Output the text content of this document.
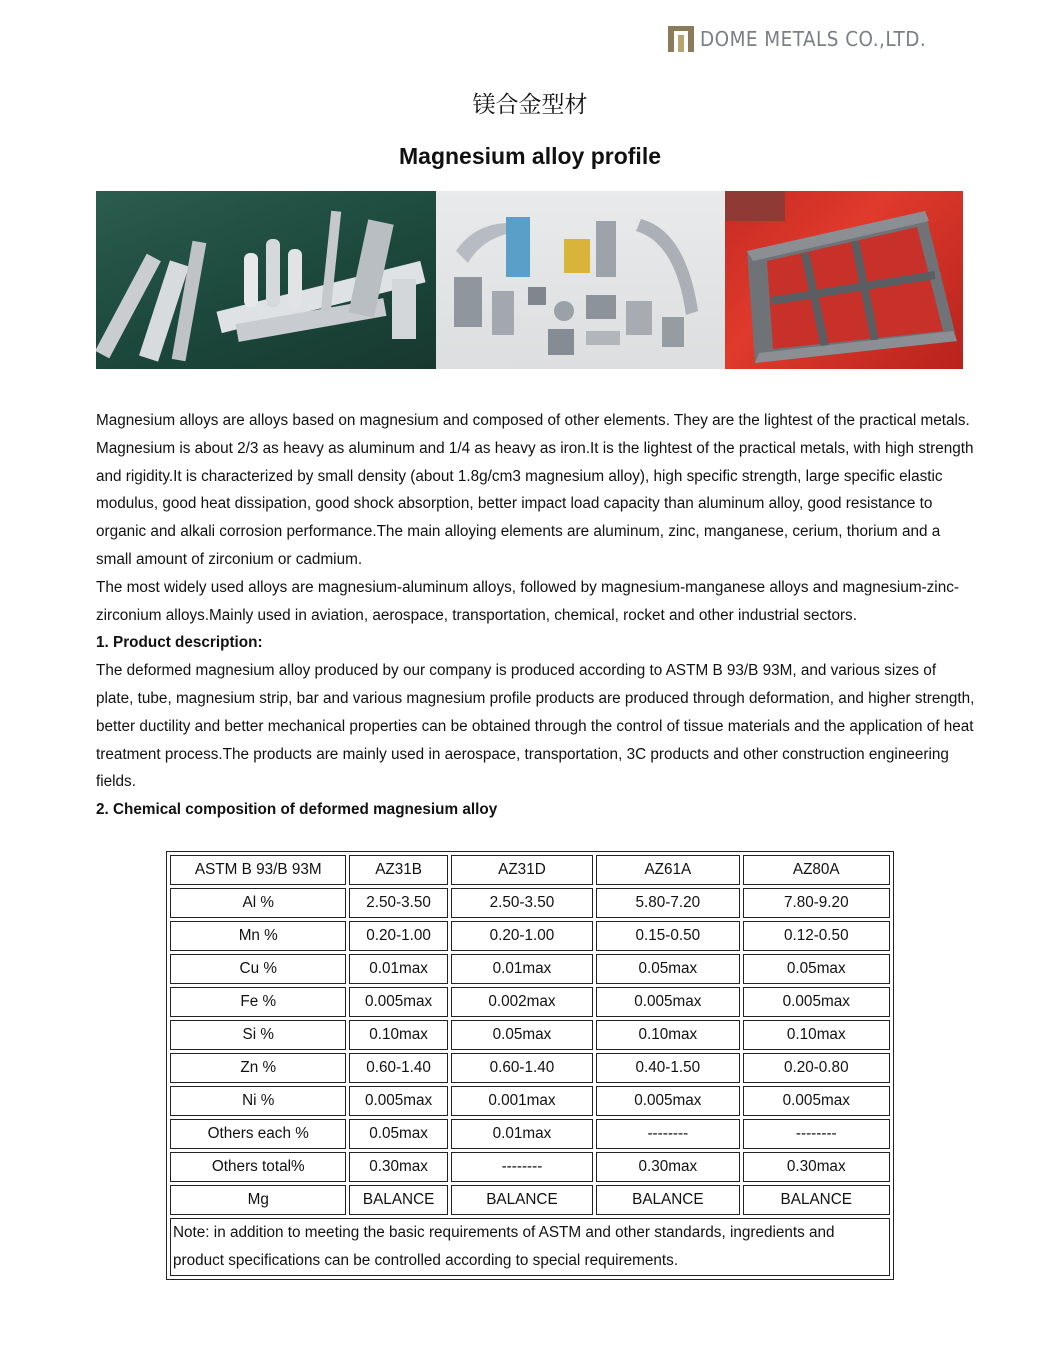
DOME METALS CO.,LTD.
镁合金型材
Magnesium alloy profile

Magnesium alloys are alloys based on magnesium and composed of other elements. They are the lightest of the practical metals. Magnesium is about 2/3 as heavy as aluminum and 1/4 as heavy as iron.It is the lightest of the practical metals, with high strength and rigidity.It is characterized by small density (about 1.8g/cm3 magnesium alloy), high specific strength, large specific elastic modulus, good heat dissipation, good shock absorption, better impact load capacity than aluminum alloy, good resistance to organic and alkali corrosion performance.The main alloying elements are aluminum, zinc, manganese, cerium, thorium and a small amount of zirconium or cadmium.

The most widely used alloys are magnesium-aluminum alloys, followed by magnesium-manganese alloys and magnesium-zinc-zirconium alloys.Mainly used in aviation, aerospace, transportation, chemical, rocket and other industrial sectors.

1. Product description:

The deformed magnesium alloy produced by our company is produced according to ASTM B 93/B 93M, and various sizes of plate, tube, magnesium strip, bar and various magnesium profile products are produced through deformation, and higher strength, better ductility and better mechanical properties can be obtained through the control of tissue materials and the application of heat treatment process.The products are mainly used in aerospace, transportation, 3C products and other construction engineering fields.

2. Chemical composition of deformed magnesium alloy

ASTM B 93/B 93M	AZ31B	AZ31D	AZ61A	AZ80A
Al %	2.50-3.50	2.50-3.50	5.80-7.20	7.80-9.20
Mn %	0.20-1.00	0.20-1.00	0.15-0.50	0.12-0.50
Cu %	0.01max	0.01max	0.05max	0.05max
Fe %	0.005max	0.002max	0.005max	0.005max
Si %	0.10max	0.05max	0.10max	0.10max
Zn %	0.60-1.40	0.60-1.40	0.40-1.50	0.20-0.80
Ni %	0.005max	0.001max	0.005max	0.005max
Others each %	0.05max	0.01max	--------	--------
Others total%	0.30max	--------	0.30max	0.30max
Mg	BALANCE	BALANCE	BALANCE	BALANCE
Note: in addition to meeting the basic requirements of ASTM and other standards, ingredients and product specifications can be controlled according to special requirements.				
